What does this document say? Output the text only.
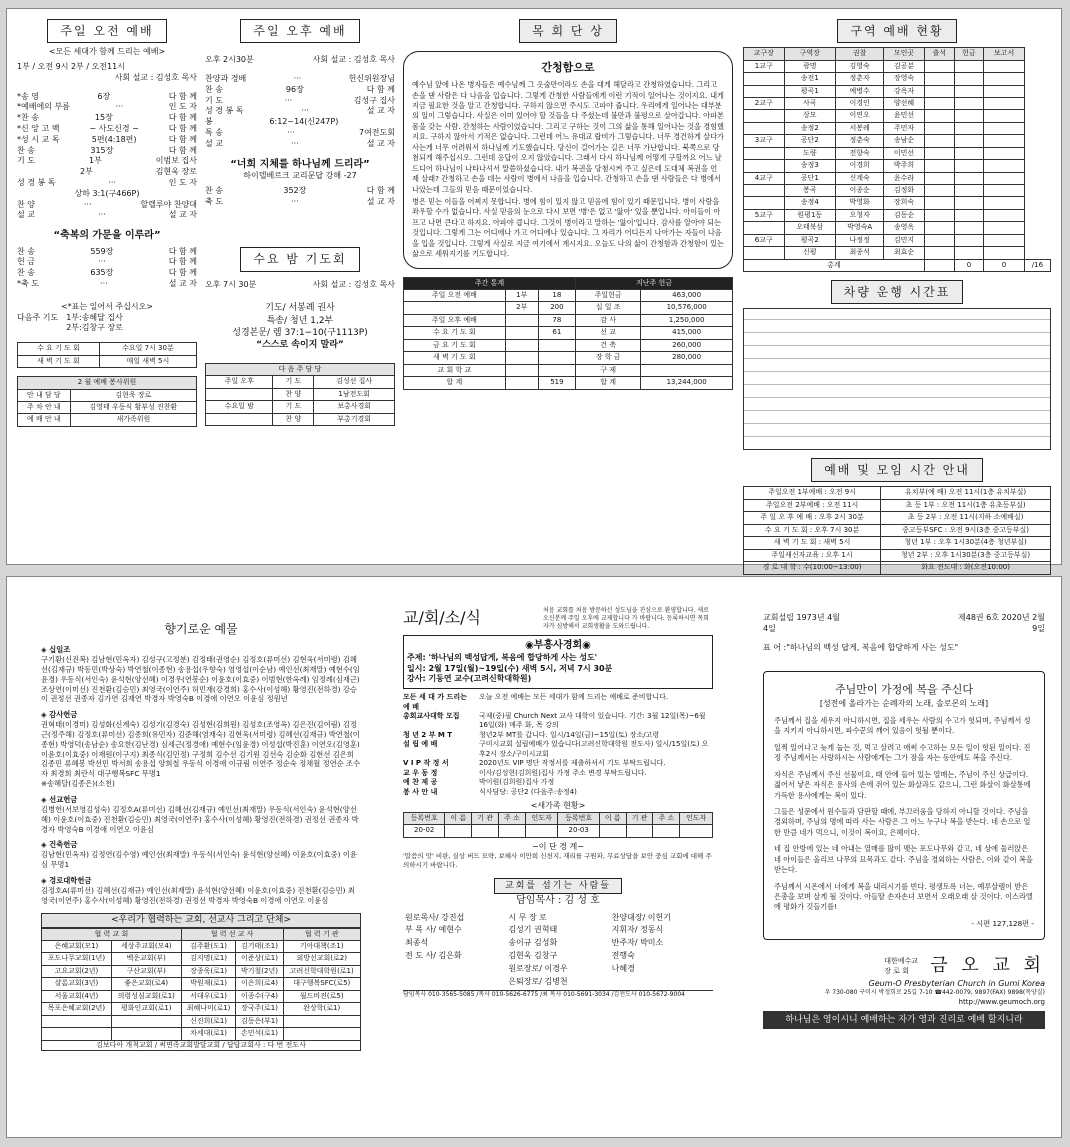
주일 오전 예배
<모든 세대가 함께 드리는 예배>
1부 / 오전 9시 2부 / 오전11시
사회 설교 : 김성호 목사
*송 영	6장	다 함 께
*예배에의 부름	···	인 도 자
*찬 송	15장	다 함 께
*신 앙 고 백	− 사도신경 −	다 함 께
*성 시 교 독	5편(4:18편)	다 함 께
찬 송	315장	다 함 께
기 도	1부	이범보 집사
2부	김현욱 장로
성 경 봉 독	···	인 도 자
상하 3:1(구466P)
찬 양	···	할렐루야 찬양대
설 교	···	설 교 자
“축복의 가문을 이루라”
찬 송	559장	다 함 께
헌 금	···	다 함 께
찬 송	635장	다 함 께
*축 도	···	설 교 자
<*표는 일어서 주십시오>
다음주 기도 1부:송혜달 집사
2부:김창구 장로
수 요 기 도 회	수요일 7시 30분
새 벽 기 도 회	매일 새벽 5시
2 월 예배 봉사위원	
안 내 담 당	김현욱 장로
주 차 안 내	김영태 우동식 황부성 진찬환
예 배 안 내	새가족위원
주일 오후 예배
오후 2시30분	사회 설교 : 김성호 목사
찬양과 경배	···	헌신위원장님
찬 송	96장	다 함 께
기 도	···	김성구 집사
성 경 봉 독	···	설 교 자
봉	6:12~14(신247P)
특 송	···	7여전도회
설 교	···	설 교 자
“너희 지체를 하나님께 드리라”
하이델베르크 교리문답 강해 -27
찬 송	352장	다 함 께
축 도	···	설 교 자
수요 밤 기도회
오후 7시 30분	사회 설교 : 김성호 목사
기도/ 서봉례 권사
특송/ 청년 1,2부
성경본문/ 렘 37:1−10(구1113P)
“스스로 속이지 말라”
다 음 주 담 당		
주일 오후	기 도	김성선 집사
	찬 양	1남전도회
수요일 밤	기 도	보총사경회
	찬 양	부총기경회
목 회 단 상
간청함으로

예수님 앞에 나온 병자들은 예수님께 그 옷술만이라도 손을 대게 해달라고 간청하였습니다. 그리고 손을 댄 사람은 다 나음을 입습니다. 그렇게 간청한 사람들에게 이런 기적이 일어나는 것이지요. 내게 지금 필요한 것을 알고 간청합니다. 구하지 않으면 주시도 고파야 줍니다. 우리에게 일어나는 대부분의 일이 그렇습니다. 사실은 이미 있어야 할 것들을 다 주셨는데 불만과 불평으로 살아갑니다. 아파본 몸을 갖는 사람. 간청하는 사람이었습니다. 그리고 구하는 것이 그의 삶을 통해 일어나는 것을 경험했지요. 구하지 않아서 기적은 없습니다. 그런데 어느 유대교 랍비가 그렇습니다. 너무 경건하게 살다가 사는게 너무 어려워서 하나님께 기도했습니다. 당신이 걸어가는 길은 너무 가난합니다. 북쪽으로 당첨되게 해주십시오. 그런데 응답이 오지 않았습니다. 그래서 다시 하나님께 어떻게 구할까요 어느 날 드디어 하나님이 나타나셔서 말씀하셨습니다. 내가 복권을 당첨시켜 주고 싶은데 도대체 복권을 언제 살래? 간청하고 손을 데는 사람이 병에서 나음을 입습니다. 간청하고 손을 댄 사람들은 다 병에서 나았는데 그들의 믿음 때문이었습니다.

병은 믿는 이들을 어찌지 못합니다. 병에 힘이 있지 않고 믿음에 힘이 있기 때문입니다. 병이 사람을 좌우할 수가 없습니다. 사실 믿음의 눈으로 다시 보면 '병'은 없고 '앓아' 있을 뿐입니다. 아이들이 아프고 나면 큰다고 하지요. 아파야 큽니다. 그것이 병이라고 말하는 '앓이'입니다. 감사를 알아야 되는 것입니다. 그렇게 그는 어디에나 가고 어디에나 있습니다. 그 자리가 어디든지 나아가는 자들이 나음을 입을 것입니다. 그렇게 사실로 지금 여기에서 계시지요. 오늘도 나의 삶이 간청함과 간청함이 있는 삶으로 세워지기를 기도합니다.

주간 통계			지난주 헌금	
주일 오전 예배	1부	18	주일헌금	463,000
	2부	200	십 일 조	10,576,000
주일 오후 예배		78	감 사	1,250,000
수 요 기 도 회		61	선 교	415,000
금 요 기 도 회			건 축	260,000
새 벽 기 도 회			장 학 금	280,000
교 회 학 교			구 제	
합 계		519	합 계	13,244,000
구역 예배 현황
교구장	구역장	권찰	모인곳	출석	헌금	보고서	
1교구	광명	김영숙	김공분				
	송전1	정춘자	장영숙				
	평곡1	예병수	강옥자				
2교구	사곡	이경인	양선혜				
	상모	이연오	윤민선				
	송정2	서봉례	주민자				
3교구	공단2	정춘숙	송남순				
	도량	전향숙	이민선				
	송정3	이경희	박주희				
4교구	공단1	신계숙	윤수라				
	봉곡	이종순	김정화				
	송정4	박영화	장희숙				
5교구	원평1동	오청자	김동순				
	오태북삼	박영숙A	송영옥				
6교구	평곡2	나정정	김민지				
	신평	최종석	최효순				
총계					0	0	/16
차량 운행 시간표
예배 및 모임 시간 안내
주일오전 1부예배 : 오전 9시	유치부(예 배) 오전 11시(1층 유치부실)
주일오전 2부예배 : 오전 11시	초 등 1부 : 오전 11시(1층 유초등부실)
주 일 오 후 예 배 : 오후 2시 30분	초 등 2부 : 오전 11시(지하 소예배실)
수 요 기 도 회 : 오후 7시 30분	중고등부SFC : 오전 9시(3층 중고등부실)
새 벽 기 도 회 : 새벽 5시	청년 1부 : 오후 1시30분(4층 청년부실)
주일새신자교육 : 오후 1시	청년 2부 : 오후 1시30분(3층 중고등부실)
경 로 대 학 : 수(10:00~13:00)	화요 전도대 : 화(오전10:00)
향기로운 예물
◈ 십일조
구기환(신진복) 김남현(민옥자) 김성구(고정분) 김정태(권영순) 김정호(류미선) 김현욱(서미령) 김혜선(김재규) 박동민(박상숙) 박연철(이종현) 송용섭(우향숙) 염영섭(이순남) 예인선(최재말) 예현수(임윤경) 우동식(서인숙) 윤석현(양선혜) 이경우(연봉순) 이윤호(이효중) 이범현(한옥례) 임정례(심재근) 조상연(이미선) 진천환(김승민) 최영국(이연주) 허민재(강경희) 홍수사(이성혜) 황영진(전하경) 강승이 권정선 권종자 김가연 김재연 박경자 박영숙B 이경애 이연오 이윤심 정원년
◈ 감사헌금
권혁태(이경미) 김성화(신계숙) 김성기(김경숙) 김성현(김희원) 김성호(조영옥) 김은진(김여림) 김정근(정주해) 김정호(류미선) 김종희(유민자) 김준해(염재숙) 김현욱(서미령) 김혜선(김재규) 박연철(이종현) 박영덕(송남순) 송요한(김난경) 심세근(정경애) 예현수(임윤경) 이성섭(박진훈) 이연오(김영훈) 이윤호(이효중) 이재원(이구지) 최종식(김민정) 구정희 김수선 김기원 김선숙 김순화 김현선 김은희 김종민 류혜봉 박선민 박서희 송용섭 양희철 우동식 이경애 이규림 이연주 정순숙 정채월 정연순 조수자 최경희 최란식 대구행복SFC 무명1
※송혜달(김종은)(소천)
◈ 선교헌금
김병헌(서보영김성숙) 김정호A(류미선) 김혜선(김재규) 예인선(최재말) 우동식(서인숙) 윤석현(양선혜) 이윤호(이효중) 진천환(김승민) 최영국(이연주) 홍수사(이성혜) 황영진(전하경) 권정선 권종자 박경자 박영숙B 이경애 이연오 이윤심
◈ 건축헌금
김남현(민옥자) 김정연(김수영) 예인선(최재말) 우동식(서인숙) 윤석현(양선혜) 이윤호(이효중) 이윤심 무명1
◈ 경로대학헌금
김정호A(류미선) 김혜선(김재규) 예인선(최재말) 윤석현(양선혜) 이윤호(이효중) 진천환(김승민) 최영국(이연주) 홍수사(이성혜) 황영진(전하경) 권정선 박경자 박영숙B 이경애 이연오 이윤심
<우리가 협력하는 교회, 선교사 그리고 단체>
협 력 교 회		협 력 선 교 사		협 력 기 관
은혜교회(모1)	세상주교회(모4)	김주환(도1)	김기태(조1)	기아대책(조1)
포도나무교회(1년)	백운교회(부)	김지명(로1)	이준상(로1)	외방선교회(로2)
고요교회(2년)	구산교회(부)	장종욱(로1)	박기철(2년)	고려신학대학원(로1)
샬롬교회(3년)	좋은교회(로4)	박원재(로1)	이은희(로4)	대구행복SFC(로5)
서울교회(4년)	의령성심교회(로1)	서대우(로1)	이종수(구4)	월드비전(로5)
목포은혜교회(2년)	평화인교회(로1)	최혜나미(로1)	장국주(로1)	완상학(로1)
		신진희(로1)	김동은(부1)	
		차세대(로1)	손민석(로1)	
김보다아 개척교회 / 써면족교회발달교회 / 답답교회사 : 다 번 전도사
교/회/소/식	처음 교회를 처음 방문하신 성도님을 진심으로 환영합니다. 새로 오신분께 주일 오후에 교제합니다 가 바랍니다. 등록하시면 목회자가 심방해서 교회생활을 도와드립니다.
◉부흥사경회◉
주제: '하나님의 백성답게, 복음에 합당하게 사는 성도'
일시: 2월 17일(월)~19일(수) 새벽 5시, 저녁 7시 30분
강사: 기동연 교수(고려신학대학원)
모든 세 대 가 드리는 예 배
오늘 오전 예배는 모든 세대가 함께 드리는 예배로 준비합니다.
총회교사대학 모집	국제(중)필 Church Next 교사 대학이 있습니다. 기간: 3월 12일(목)~6월 16일(화) 매주 화, 목 강의
청 년 2 부 M T	청년2부 MT를 갑니다. 일시/14일(금)~15일(토) 장소/고령
설 립 예 배	구미시교회 설립예배가 있습니다(고려신학대학원 전도사) 일시/15일(토) 오후2시 장소/구미시교회
V I P 작 정 서	2020년도 VIP 명단 작정서를 제출하셔서 기도 부탁드립니다.
교 우 동 정	이사/김성현(김희원)집사 가정 주소 변경 부탁드립니다.
예 찬 제 공	박이원(김희원)집사 가정
봉 사 안 내	식사담당: 공단2 (다음주:송정4)
<새가족 현황>
등록번호	이 름	기 관	주 소	인도자	등록번호	이 름	기 관	주 소	인도자
20-02					20-03				
−이 단 경 계−
'말씀의 맛' 비판, 실상 버드 모략, 보혜사 이만희 신천지, 재리를 구원파, 무료상담을 보안 중심 교회에 대해 주의하시기 바랍니다.
교회를 섬기는 사람들
담임목사 : 김 성 호
원로목사/ 강진섭	시 무 장 로	찬양대장/ 이헌기
부 목 사/ 예현수	김성기 권혁태	지휘자/ 정동식
최종석	송이규 김성화	반주자/ 박미소
전 도 사/ 김은화	김현욱 김창구	전행숙
	원로장로/ 이경우	나혜경
	은퇴장로/ 김병천	
담임목사 010-3565-5085 /목사 010-5626-6775 /최 목사 010-5691-3034 /김전도사 010-5672-9004
교회설립 1973년 4월 4일
제48권 6호 2020년 2월 9일
표 어 :"하나님의 백성 답게, 복음에 합당하게 사는 성도"
주님만이 가정에 복을 주신다
[성전에 올라가는 순례자의 노래, 솔로몬의 노래]

주님께서 집을 세우지 아니하시면, 집을 세우는 사람의 수고가 헛되며, 주님께서 성을 지키지 아니하시면, 파수꾼의 깨어 있음이 헛될 뿐이다.

일찍 일어나고 늦게 눕는 것, 먹고 살려고 애써 수고하는 모든 일이 헛된 일이다. 진정 주님께서는 사랑하시는 사람에게는 그가 잠을 자는 동안에도 복을 주신다.

자식은 주님께서 주신 선물이요, 태 안에 들어 있는 열매는, 주님이 주신 상급이다. 젊어서 낳은 자식은 용사의 손에 쥐어 있는 화살과도 같으니, 그런 화살이 화살통에 가득한 용사에게는 복이 있다.

그들은 성문에서 원수들과 담판할 때에, 부끄러움을 당하지 아니할 것이다. 주님을 경외하며, 주님의 명에 따라 사는 사람은 그 어느 누구나 복을 받는다. 네 손으로 일한 만큼 네가 먹으니, 이것이 복이요, 은혜이다.

네 집 안방에 있는 네 아내는 열매를 많이 맺는 포도나무와 같고, 네 상에 둘러앉은 네 아이들은 올리브 나무의 묘목과도 같다. 주님을 경외하는 사람은, 이와 같이 복을 받는다.

주님께서 시온에서 너에게 복을 내리시기를 빈다. 평생토록 너는, 예루살렘이 받은 은총을 보며 살게 될 것이다. 아들딸 손자손녀 보면서 오래오래 살 것이다. 이스라엘에 평화가 깃들기를!

- 시편 127,128편 -
대한예수교 장 로 회	금 오 교 회
Geum-O Presbyterian Church in Gumi Korea
우 730-080 구미시 박정희로 25길 7-10 ☎442-0079, 9897(FAX) 9898(목양실)
http://www.geumoch.org
하나님은 영이시니 예배하는 자가 영과 진리로 예배 할지니라
